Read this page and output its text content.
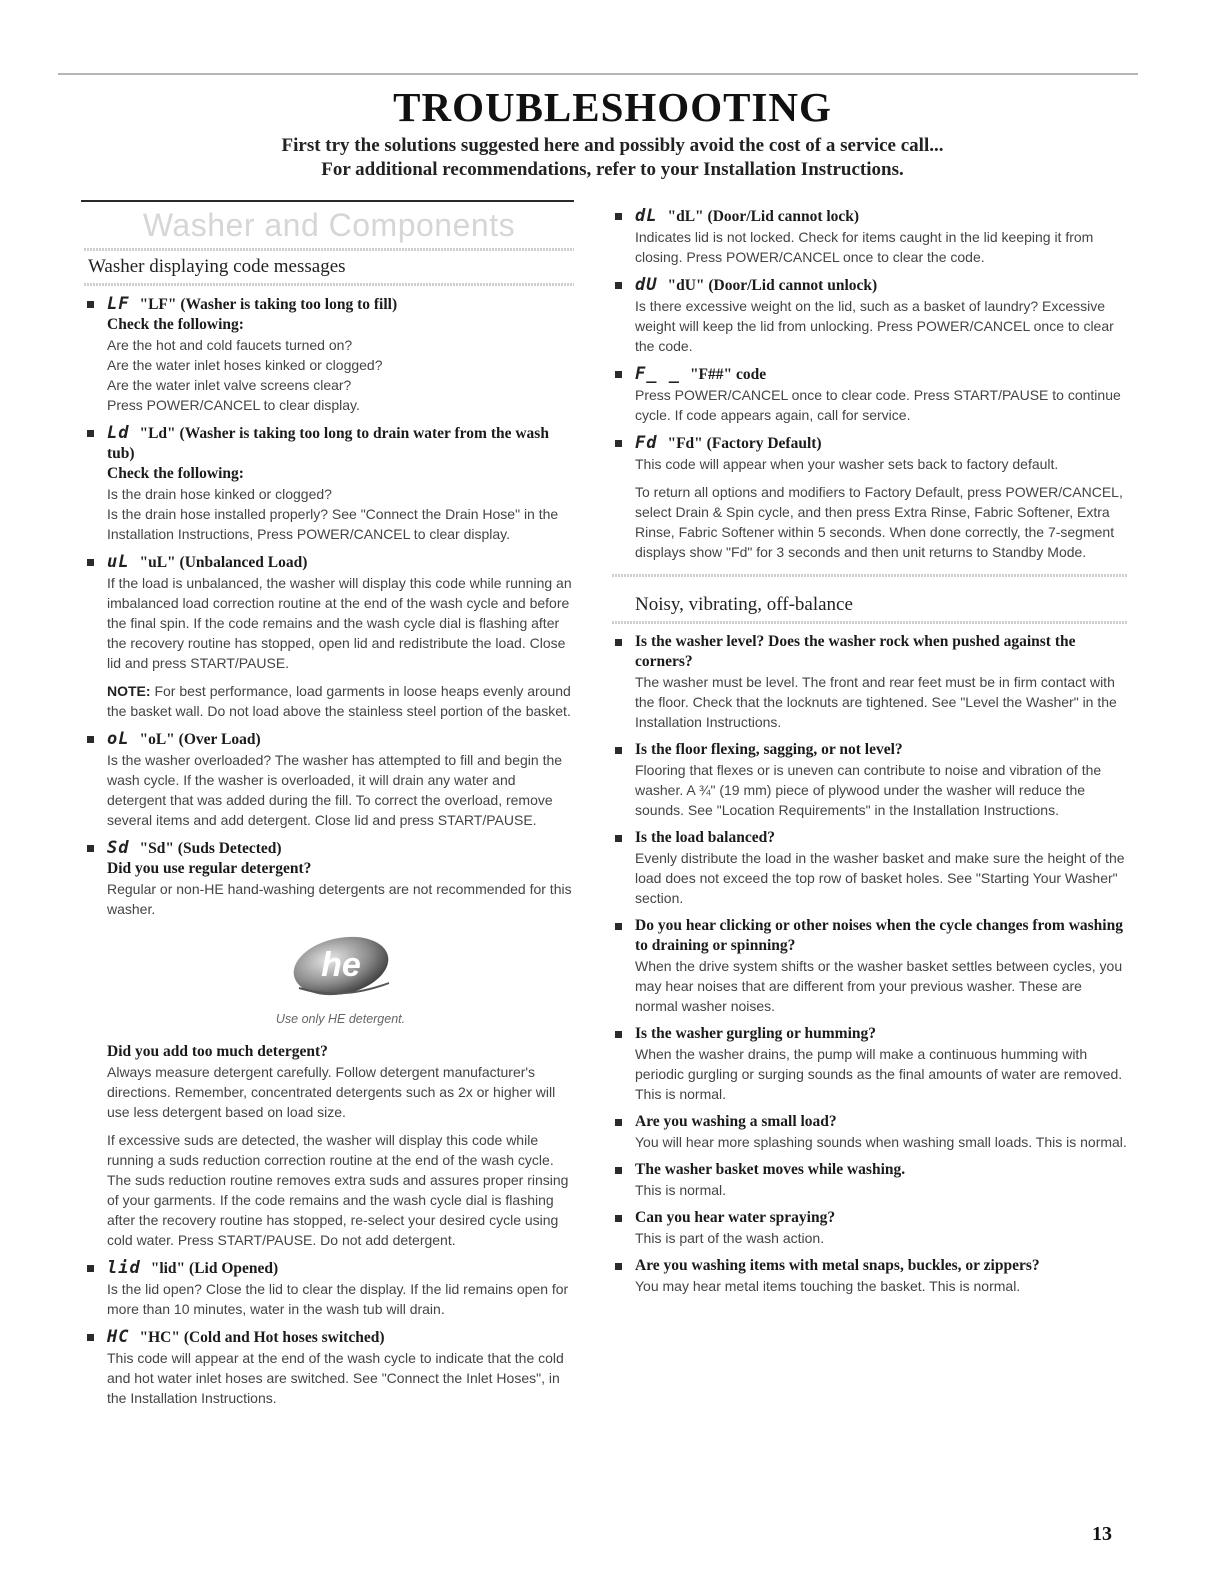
TROUBLESHOOTING
First try the solutions suggested here and possibly avoid the cost of a service call...
For additional recommendations, refer to your Installation Instructions.
Washer and Components
Washer displaying code messages
LF "LF" (Washer is taking too long to fill)
Check the following:
Are the hot and cold faucets turned on?
Are the water inlet hoses kinked or clogged?
Are the water inlet valve screens clear?
Press POWER/CANCEL to clear display.
Ld "Ld" (Washer is taking too long to drain water from the wash tub)
Check the following:
Is the drain hose kinked or clogged?
Is the drain hose installed properly? See "Connect the Drain Hose" in the Installation Instructions, Press POWER/CANCEL to clear display.
uL "uL" (Unbalanced Load)

If the load is unbalanced, the washer will display this code while running an imbalanced load correction routine at the end of the wash cycle and before the final spin. If the code remains and the wash cycle dial is flashing after the recovery routine has stopped, open lid and redistribute the load. Close lid and press START/PAUSE.

NOTE: For best performance, load garments in loose heaps evenly around the basket wall. Do not load above the stainless steel portion of the basket.

oL "oL" (Over Load)

Is the washer overloaded? The washer has attempted to fill and begin the wash cycle. If the washer is overloaded, it will drain any water and detergent that was added during the fill. To correct the overload, remove several items and add detergent. Close lid and press START/PAUSE.

Sd "Sd" (Suds Detected)
Did you use regular detergent?

Regular or non-HE hand-washing detergents are not recommended for this washer.

he
Use only HE detergent.
Did you add too much detergent?

Always measure detergent carefully. Follow detergent manufacturer's directions. Remember, concentrated detergents such as 2x or higher will use less detergent based on load size.

If excessive suds are detected, the washer will display this code while running a suds reduction correction routine at the end of the wash cycle. The suds reduction routine removes extra suds and assures proper rinsing of your garments. If the code remains and the wash cycle dial is flashing after the recovery routine has stopped, re-select your desired cycle using cold water. Press START/PAUSE. Do not add detergent.

lid "lid" (Lid Opened)

Is the lid open? Close the lid to clear the display. If the lid remains open for more than 10 minutes, water in the wash tub will drain.

HC "HC" (Cold and Hot hoses switched)

This code will appear at the end of the wash cycle to indicate that the cold and hot water inlet hoses are switched. See "Connect the Inlet Hoses", in the Installation Instructions.

dL "dL" (Door/Lid cannot lock)

Indicates lid is not locked. Check for items caught in the lid keeping it from closing. Press POWER/CANCEL once to clear the code.

dU "dU" (Door/Lid cannot unlock)

Is there excessive weight on the lid, such as a basket of laundry? Excessive weight will keep the lid from unlocking. Press POWER/CANCEL once to clear the code.

F_ _ "F##" code

Press POWER/CANCEL once to clear code. Press START/PAUSE to continue cycle. If code appears again, call for service.

Fd "Fd" (Factory Default)

This code will appear when your washer sets back to factory default.

To return all options and modifiers to Factory Default, press POWER/CANCEL, select Drain & Spin cycle, and then press Extra Rinse, Fabric Softener, Extra Rinse, Fabric Softener within 5 seconds. When done correctly, the 7-segment displays show "Fd" for 3 seconds and then unit returns to Standby Mode.

Noisy, vibrating, off-balance
Is the washer level? Does the washer rock when pushed against the corners?

The washer must be level. The front and rear feet must be in firm contact with the floor. Check that the locknuts are tightened. See "Level the Washer" in the Installation Instructions.

Is the floor flexing, sagging, or not level?

Flooring that flexes or is uneven can contribute to noise and vibration of the washer. A ¾" (19 mm) piece of plywood under the washer will reduce the sounds. See "Location Requirements" in the Installation Instructions.

Is the load balanced?

Evenly distribute the load in the washer basket and make sure the height of the load does not exceed the top row of basket holes. See "Starting Your Washer" section.

Do you hear clicking or other noises when the cycle changes from washing to draining or spinning?

When the drive system shifts or the washer basket settles between cycles, you may hear noises that are different from your previous washer. These are normal washer noises.

Is the washer gurgling or humming?

When the washer drains, the pump will make a continuous humming with periodic gurgling or surging sounds as the final amounts of water are removed. This is normal.

Are you washing a small load?

You will hear more splashing sounds when washing small loads. This is normal.

The washer basket moves while washing.

This is normal.

Can you hear water spraying?

This is part of the wash action.

Are you washing items with metal snaps, buckles, or zippers?

You may hear metal items touching the basket. This is normal.

13
